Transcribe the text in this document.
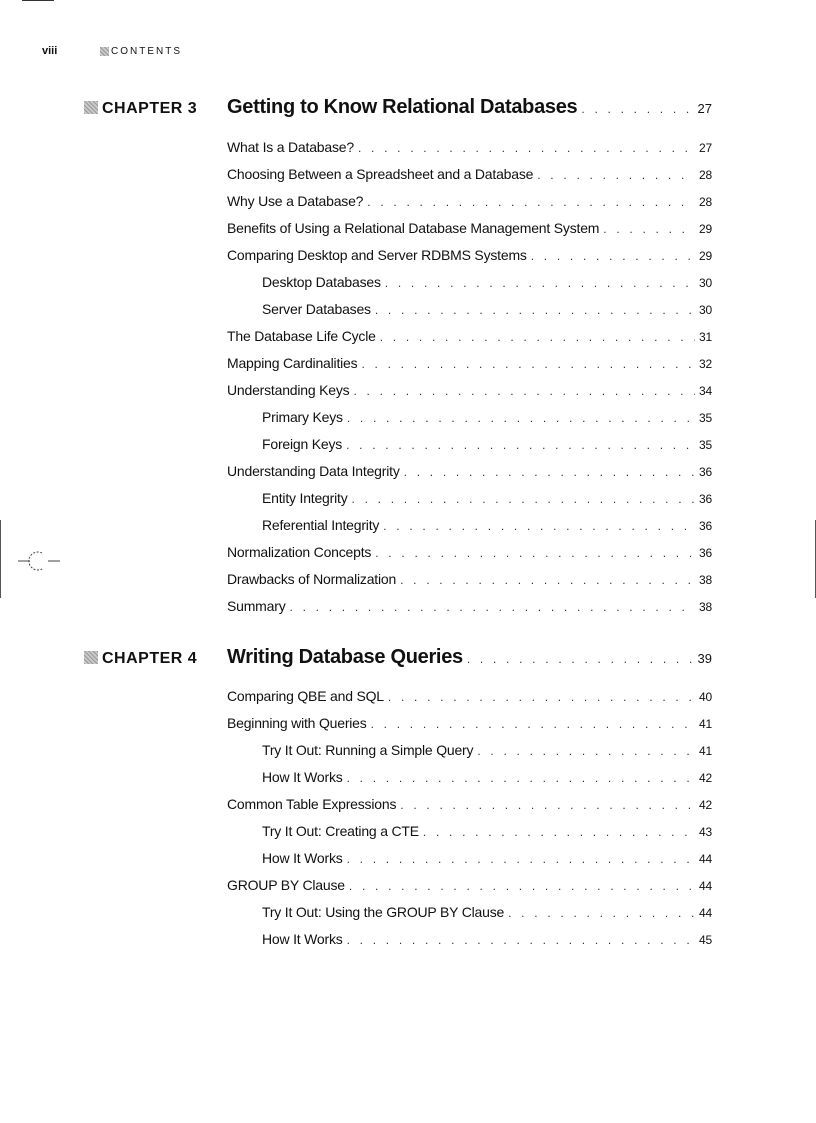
viii	CONTENTS
CHAPTER 3	Getting to Know Relational Databases . . .	27
What Is a Database? . . .	27
Choosing Between a Spreadsheet and a Database . . .	28
Why Use a Database? . . .	28
Benefits of Using a Relational Database Management System . . .	29
Comparing Desktop and Server RDBMS Systems . . .	29
Desktop Databases . . .	30
Server Databases . . .	30
The Database Life Cycle . . .	31
Mapping Cardinalities . . .	32
Understanding Keys . . .	34
Primary Keys . . .	35
Foreign Keys . . .	35
Understanding Data Integrity . . .	36
Entity Integrity . . .	36
Referential Integrity . . .	36
Normalization Concepts . . .	36
Drawbacks of Normalization . . .	38
Summary . . .	38
CHAPTER 4	Writing Database Queries . . .	39
Comparing QBE and SQL . . .	40
Beginning with Queries . . .	41
Try It Out: Running a Simple Query . . .	41
How It Works . . .	42
Common Table Expressions . . .	42
Try It Out: Creating a CTE . . .	43
How It Works . . .	44
GROUP BY Clause . . .	44
Try It Out: Using the GROUP BY Clause . . .	44
How It Works . . .	45
